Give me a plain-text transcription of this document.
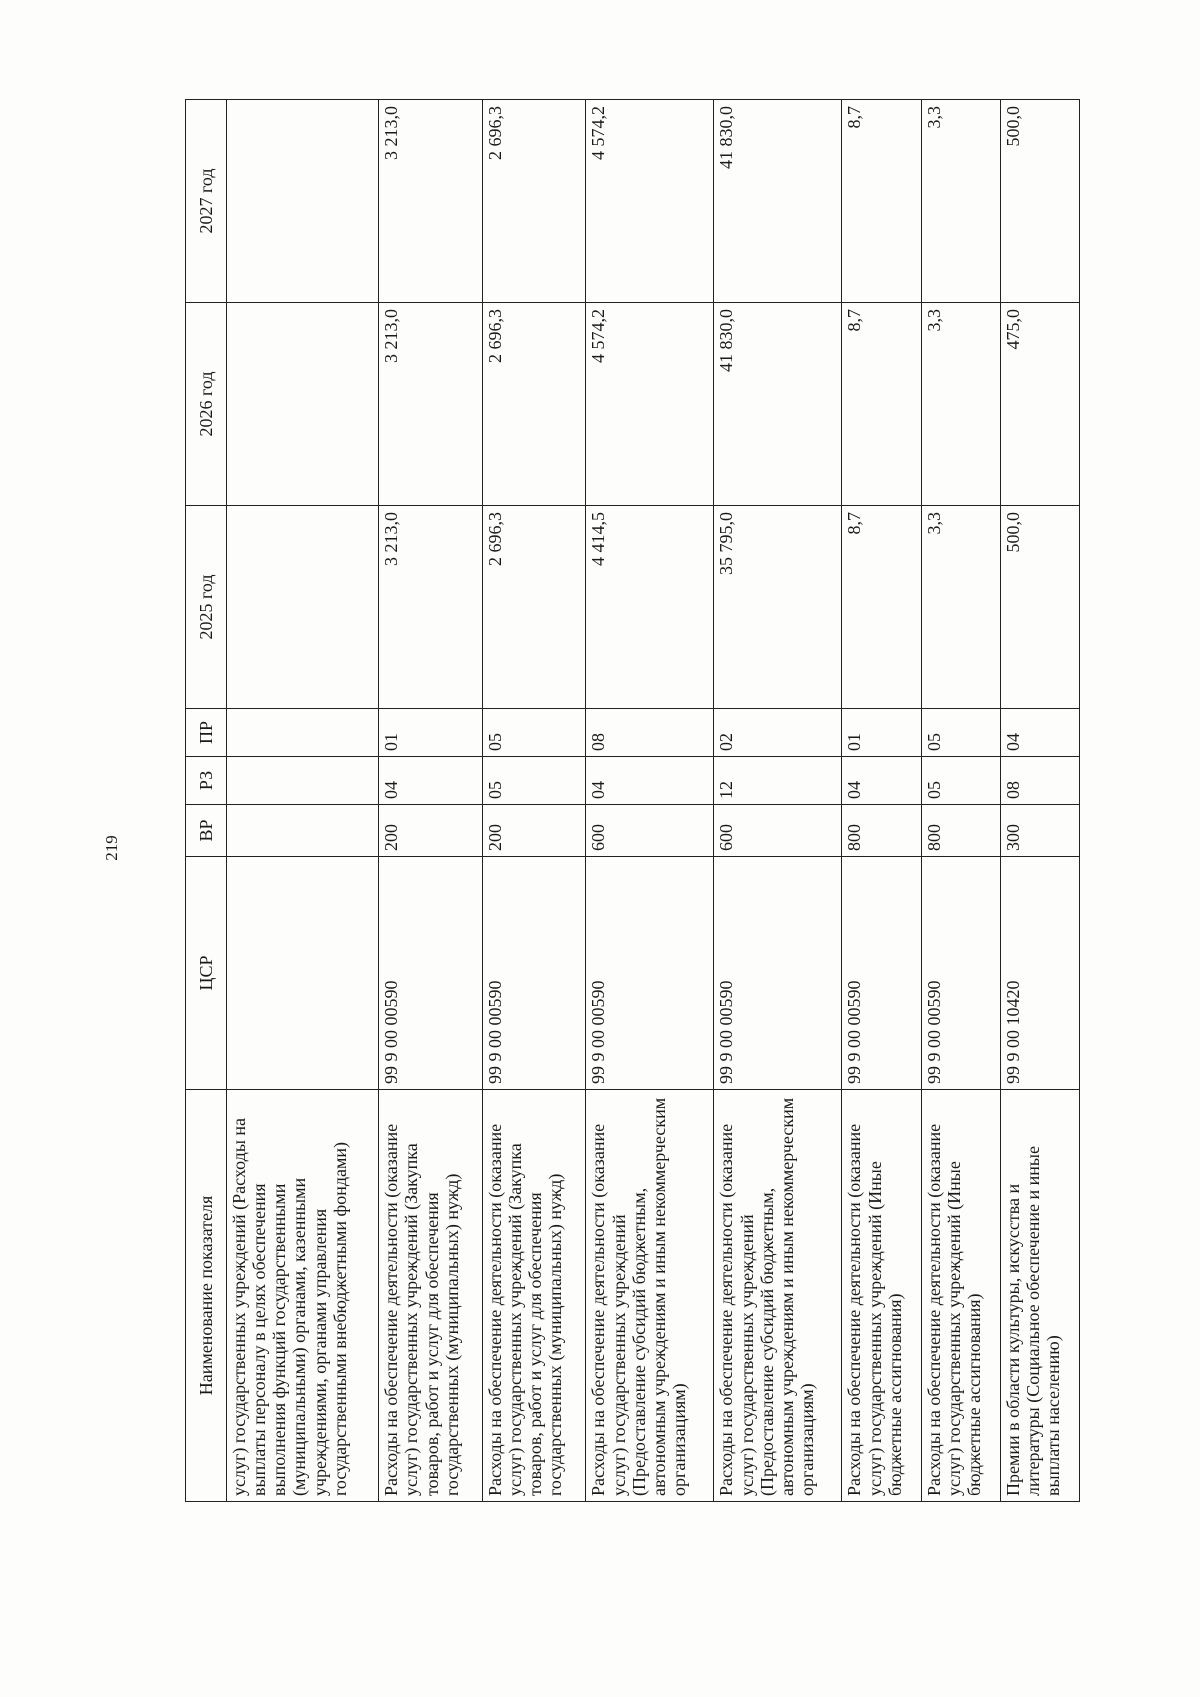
219
Наименование показателя	ЦСР	ВР	РЗ	ПР	2025 год	2026 год	2027 год
услуг) государственных учреждений (Расходы на выплаты персоналу в целях обеспечения выполнения функций государственными (муниципальными) органами, казенными учреждениями, органами управления государственными внебюджетными фондами)							
Расходы на обеспечение деятельности (оказание услуг) государственных учреждений (Закупка товаров, работ и услуг для обеспечения государственных (муниципальных) нужд)	99 9 00 00590	200	04	01	3 213,0	3 213,0	3 213,0
Расходы на обеспечение деятельности (оказание услуг) государственных учреждений (Закупка товаров, работ и услуг для обеспечения государственных (муниципальных) нужд)	99 9 00 00590	200	05	05	2 696,3	2 696,3	2 696,3
Расходы на обеспечение деятельности (оказание услуг) государственных учреждений (Предоставление субсидий бюджетным, автономным учреждениям и иным некоммерческим организациям)	99 9 00 00590	600	04	08	4 414,5	4 574,2	4 574,2
Расходы на обеспечение деятельности (оказание услуг) государственных учреждений (Предоставление субсидий бюджетным, автономным учреждениям и иным некоммерческим организациям)	99 9 00 00590	600	12	02	35 795,0	41 830,0	41 830,0
Расходы на обеспечение деятельности (оказание услуг) государственных учреждений (Иные бюджетные ассигнования)	99 9 00 00590	800	04	01	8,7	8,7	8,7
Расходы на обеспечение деятельности (оказание услуг) государственных учреждений (Иные бюджетные ассигнования)	99 9 00 00590	800	05	05	3,3	3,3	3,3
Премии в области культуры, искусства и литературы (Социальное обеспечение и иные выплаты населению)	99 9 00 10420	300	08	04	500,0	475,0	500,0
